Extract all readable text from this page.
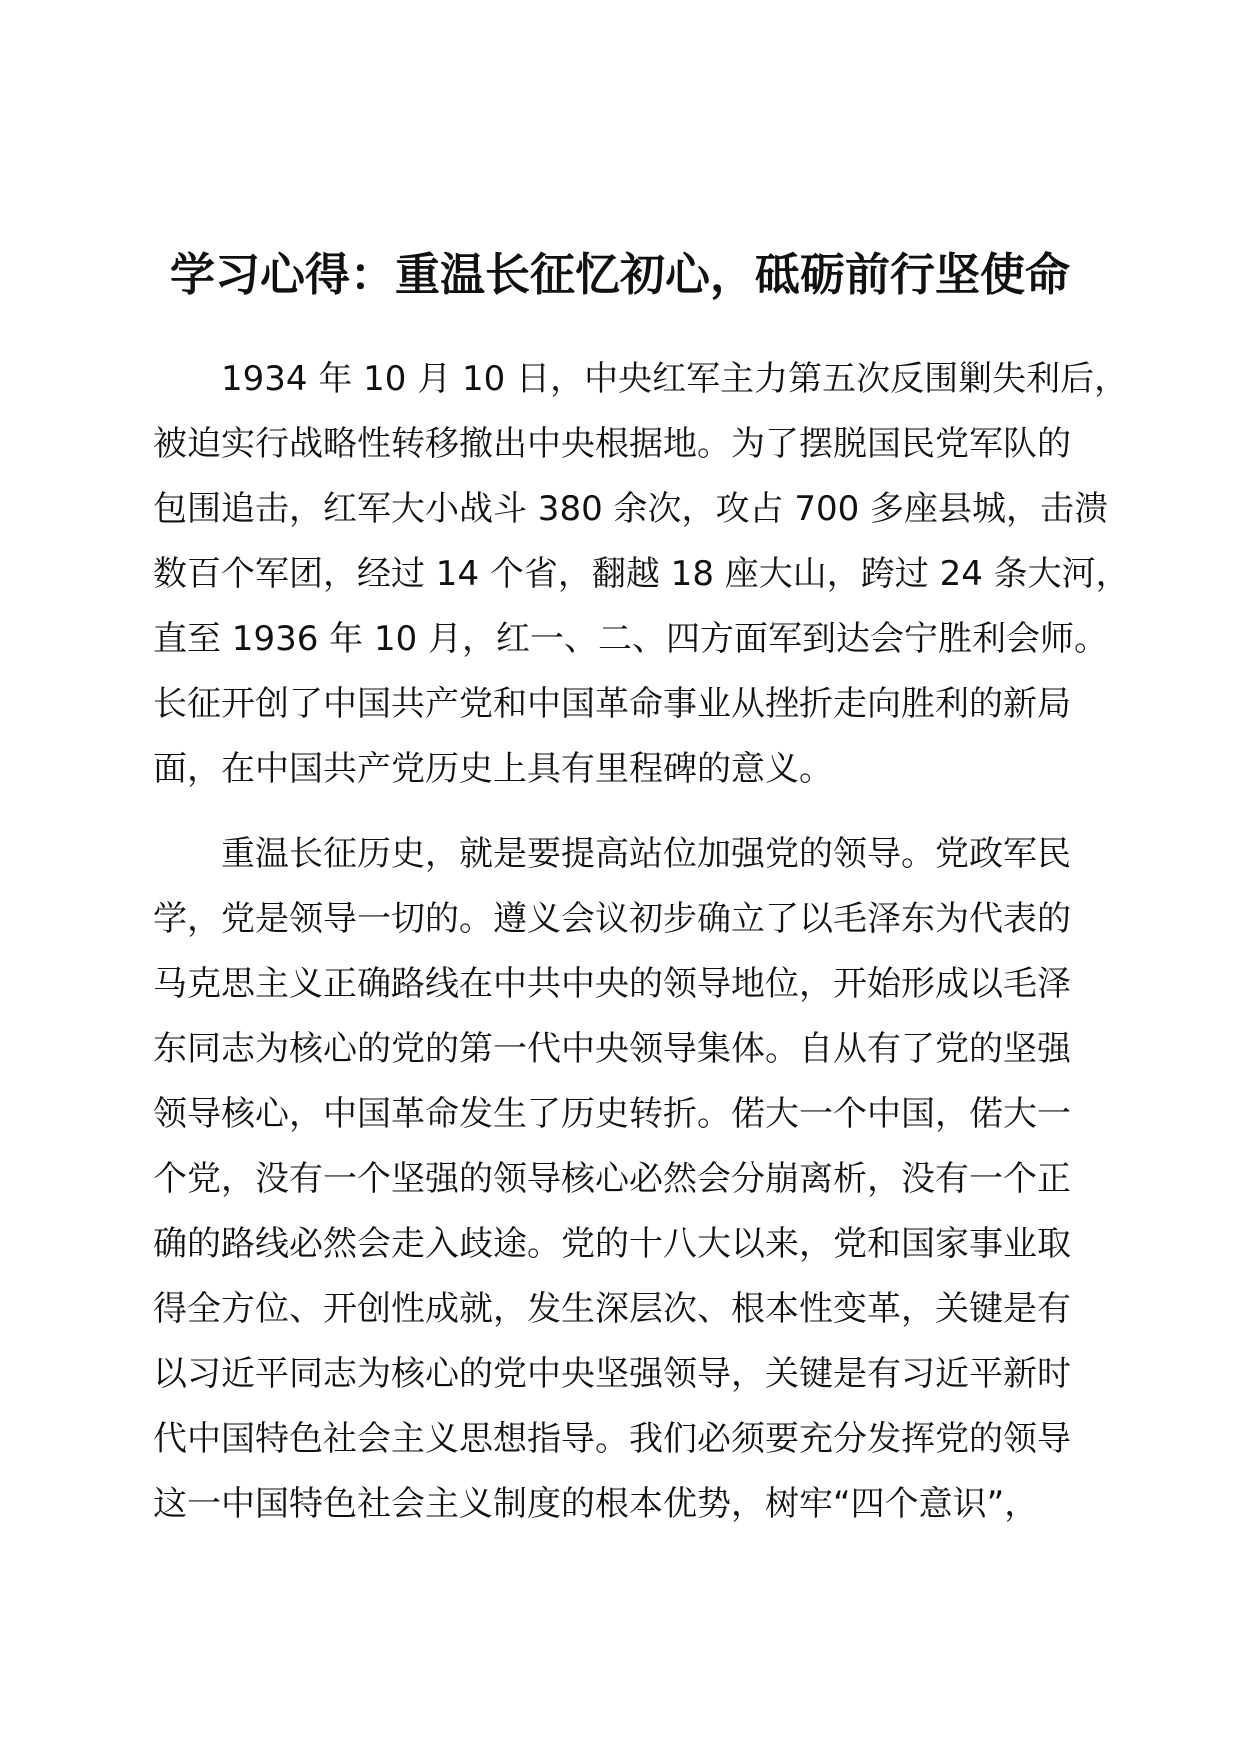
学习心得：重温长征忆初心，砥砺前行坚使命

1934 年 10 月 10 日，中央红军主力第五次反围剿失利后，

被迫实行战略性转移撤出中央根据地。为了摆脱国民党军队的

包围追击，红军大小战斗 380 余次，攻占 700 多座县城，击溃

数百个军团，经过 14 个省，翻越 18 座大山，跨过 24 条大河，

直至 1936 年 10 月，红一、二、四方面军到达会宁胜利会师。

长征开创了中国共产党和中国革命事业从挫折走向胜利的新局

面，在中国共产党历史上具有里程碑的意义。

重温长征历史，就是要提高站位加强党的领导。党政军民

学，党是领导一切的。遵义会议初步确立了以毛泽东为代表的

马克思主义正确路线在中共中央的领导地位，开始形成以毛泽

东同志为核心的党的第一代中央领导集体。自从有了党的坚强

领导核心，中国革命发生了历史转折。偌大一个中国，偌大一

个党，没有一个坚强的领导核心必然会分崩离析，没有一个正

确的路线必然会走入歧途。党的十八大以来，党和国家事业取

得全方位、开创性成就，发生深层次、根本性变革，关键是有

以习近平同志为核心的党中央坚强领导，关键是有习近平新时

代中国特色社会主义思想指导。我们必须要充分发挥党的领导

这一中国特色社会主义制度的根本优势，树牢“四个意识”，
